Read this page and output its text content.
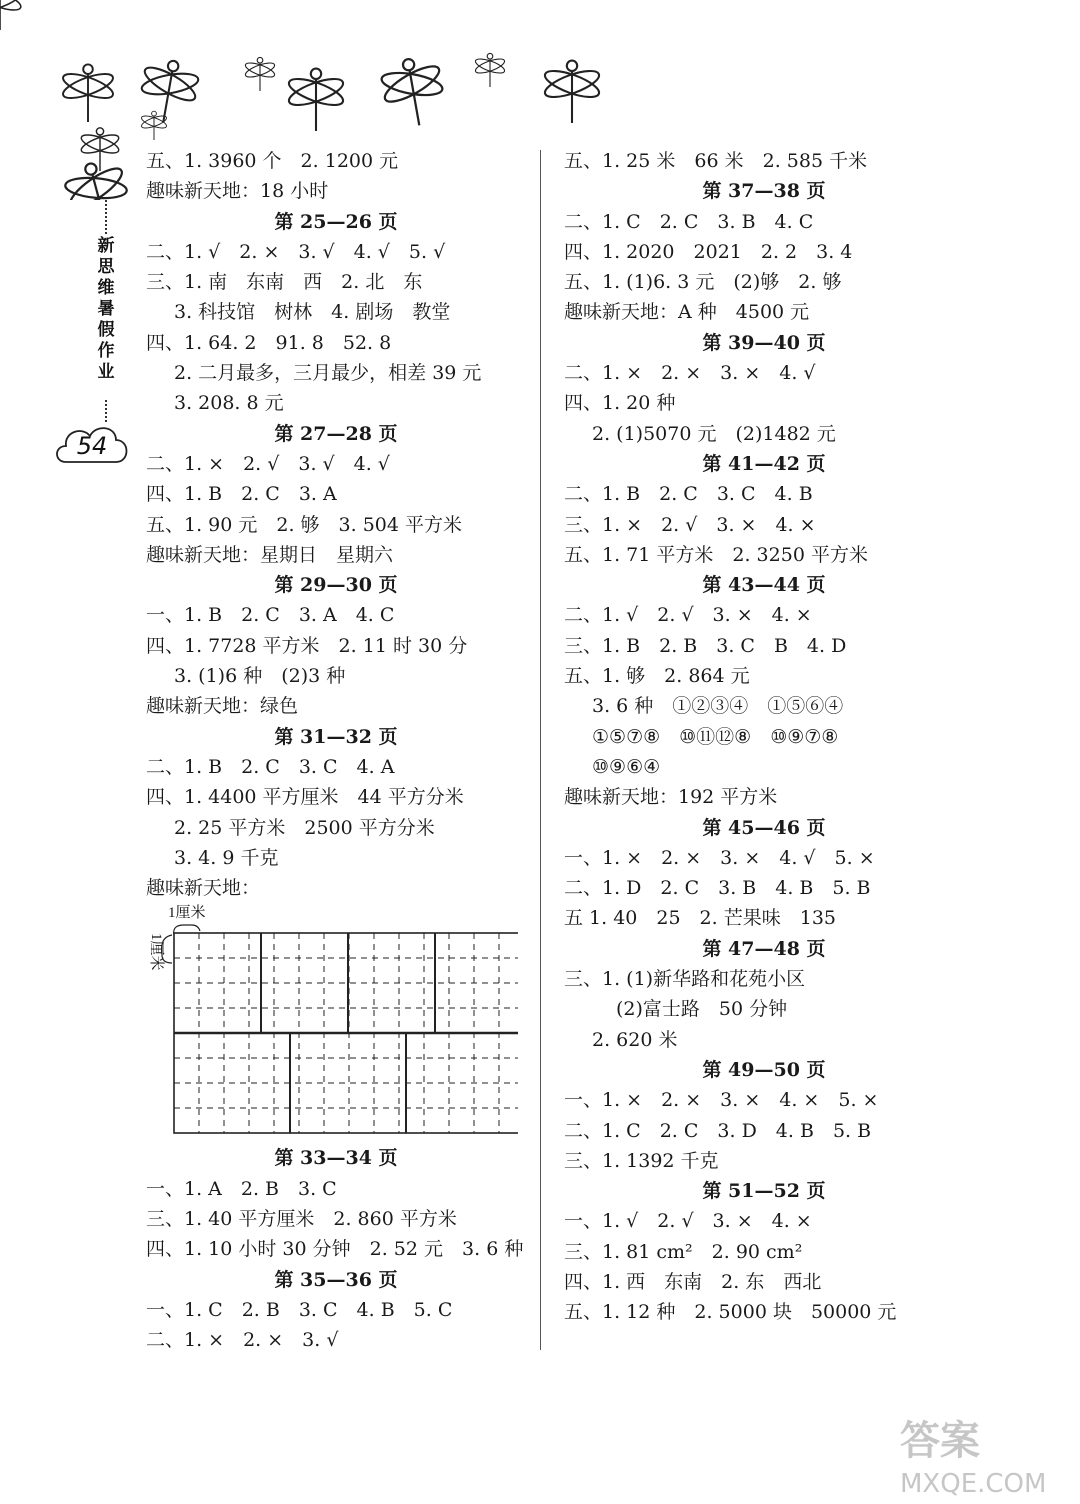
新
思
维
暑
假
作
业
54
五、1. 3960 个　2. 1200 元
趣味新天地：18 小时
第 25—26 页
二、1. √　2. ×　3. √　4. √　5. √
三、1. 南　东南　西　2. 北　东
3. 科技馆　树林　4. 剧场　教堂
四、1. 64. 2　91. 8　52. 8
2. 二月最多，三月最少，相差 39 元
3. 208. 8 元
第 27—28 页
二、1. ×　2. √　3. √　4. √
四、1. B　2. C　3. A
五、1. 90 元　2. 够　3. 504 平方米
趣味新天地：星期日　星期六
第 29—30 页
一、1. B　2. C　3. A　4. C
四、1. 7728 平方米　2. 11 时 30 分
3. (1)6 种　(2)3 种
趣味新天地：绿色
第 31—32 页
二、1. B　2. C　3. C　4. A
四、1. 4400 平方厘米　44 平方分米
2. 25 平方米　2500 平方分米
3. 4. 9 千克
趣味新天地：
1厘米
1厘米
第 33—34 页
一、1. A　2. B　3. C
三、1. 40 平方厘米　2. 860 平方米
四、1. 10 小时 30 分钟　2. 52 元　3. 6 种
第 35—36 页
一、1. C　2. B　3. C　4. B　5. C
二、1. ×　2. ×　3. √
五、1. 25 米　66 米　2. 585 千米
第 37—38 页
二、1. C　2. C　3. B　4. C
四、1. 2020　2021　2. 2　3. 4
五、1. (1)6. 3 元　(2)够　2. 够
趣味新天地：A 种　4500 元
第 39—40 页
二、1. ×　2. ×　3. ×　4. √
四、1. 20 种
2. (1)5070 元　(2)1482 元
第 41—42 页
二、1. B　2. C　3. C　4. B
三、1. ×　2. √　3. ×　4. ×
五、1. 71 平方米　2. 3250 平方米
第 43—44 页
二、1. √　2. √　3. ×　4. ×
三、1. B　2. B　3. C　B　4. D
五、1. 够　2. 864 元
3. 6 种　①②③④　①⑤⑥④
①⑤⑦⑧　⑩⑪⑫⑧　⑩⑨⑦⑧
⑩⑨⑥④
趣味新天地：192 平方米
第 45—46 页
一、1. ×　2. ×　3. ×　4. √　5. ×
二、1. D　2. C　3. B　4. B　5. B
五 1. 40　25　2. 芒果味　135
第 47—48 页
三、1. (1)新华路和花苑小区
(2)富士路　50 分钟
2. 620 米
第 49—50 页
一、1. ×　2. ×　3. ×　4. ×　5. ×
二、1. C　2. C　3. D　4. B　5. B
三、1. 1392 千克
第 51—52 页
一、1. √　2. √　3. ×　4. ×
三、1. 81 cm²　2. 90 cm²
四、1. 西　东南　2. 东　西北
五、1. 12 种　2. 5000 块　50000 元
答案
MXQE.COM
